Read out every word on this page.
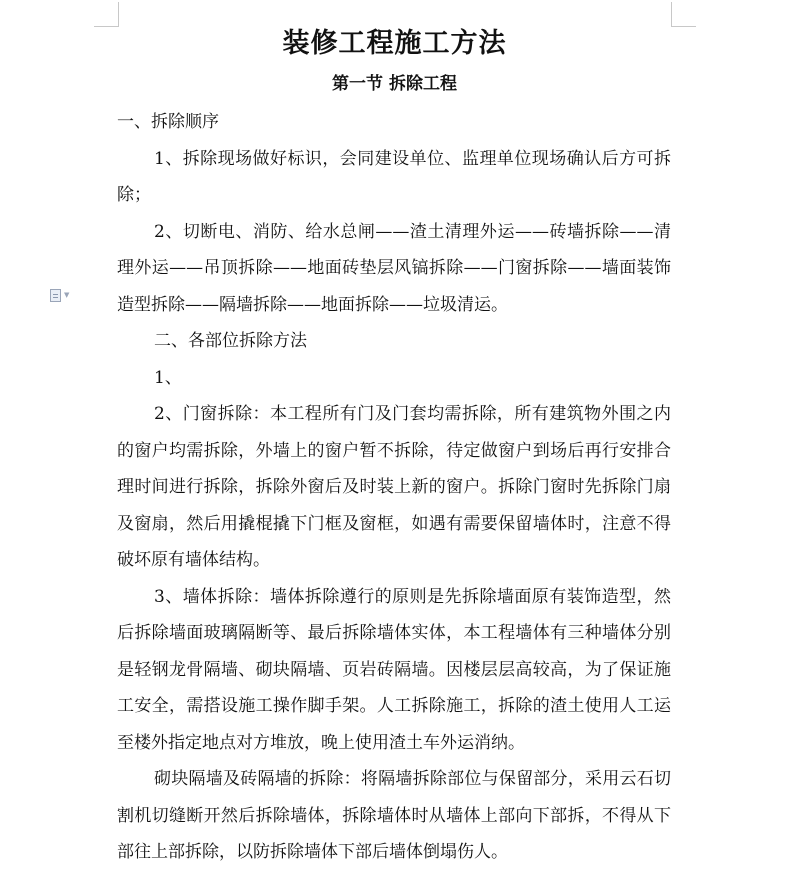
▼
装修工程施工方法
第一节 拆除工程

一、拆除顺序

1、拆除现场做好标识，会同建设单位、监理单位现场确认后方可拆除；

2、切断电、消防、给水总闸——渣土清理外运——砖墙拆除——清理外运——吊顶拆除——地面砖垫层风镐拆除——门窗拆除——墙面装饰造型拆除——隔墙拆除——地面拆除——垃圾清运。

二、各部位拆除方法

1、

2、门窗拆除：本工程所有门及门套均需拆除，所有建筑物外围之内的窗户均需拆除，外墙上的窗户暂不拆除，待定做窗户到场后再行安排合理时间进行拆除，拆除外窗后及时装上新的窗户。拆除门窗时先拆除门扇及窗扇，然后用撬棍撬下门框及窗框，如遇有需要保留墙体时，注意不得破坏原有墙体结构。

3、墙体拆除：墙体拆除遵行的原则是先拆除墙面原有装饰造型，然后拆除墙面玻璃隔断等、最后拆除墙体实体，本工程墙体有三种墙体分别是轻钢龙骨隔墙、砌块隔墙、页岩砖隔墙。因楼层层高较高，为了保证施工安全，需搭设施工操作脚手架。人工拆除施工，拆除的渣土使用人工运至楼外指定地点对方堆放，晚上使用渣土车外运消纳。

砌块隔墙及砖隔墙的拆除：将隔墙拆除部位与保留部分，采用云石切割机切缝断开然后拆除墙体，拆除墙体时从墙体上部向下部拆，不得从下部往上部拆除，以防拆除墙体下部后墙体倒塌伤人。
